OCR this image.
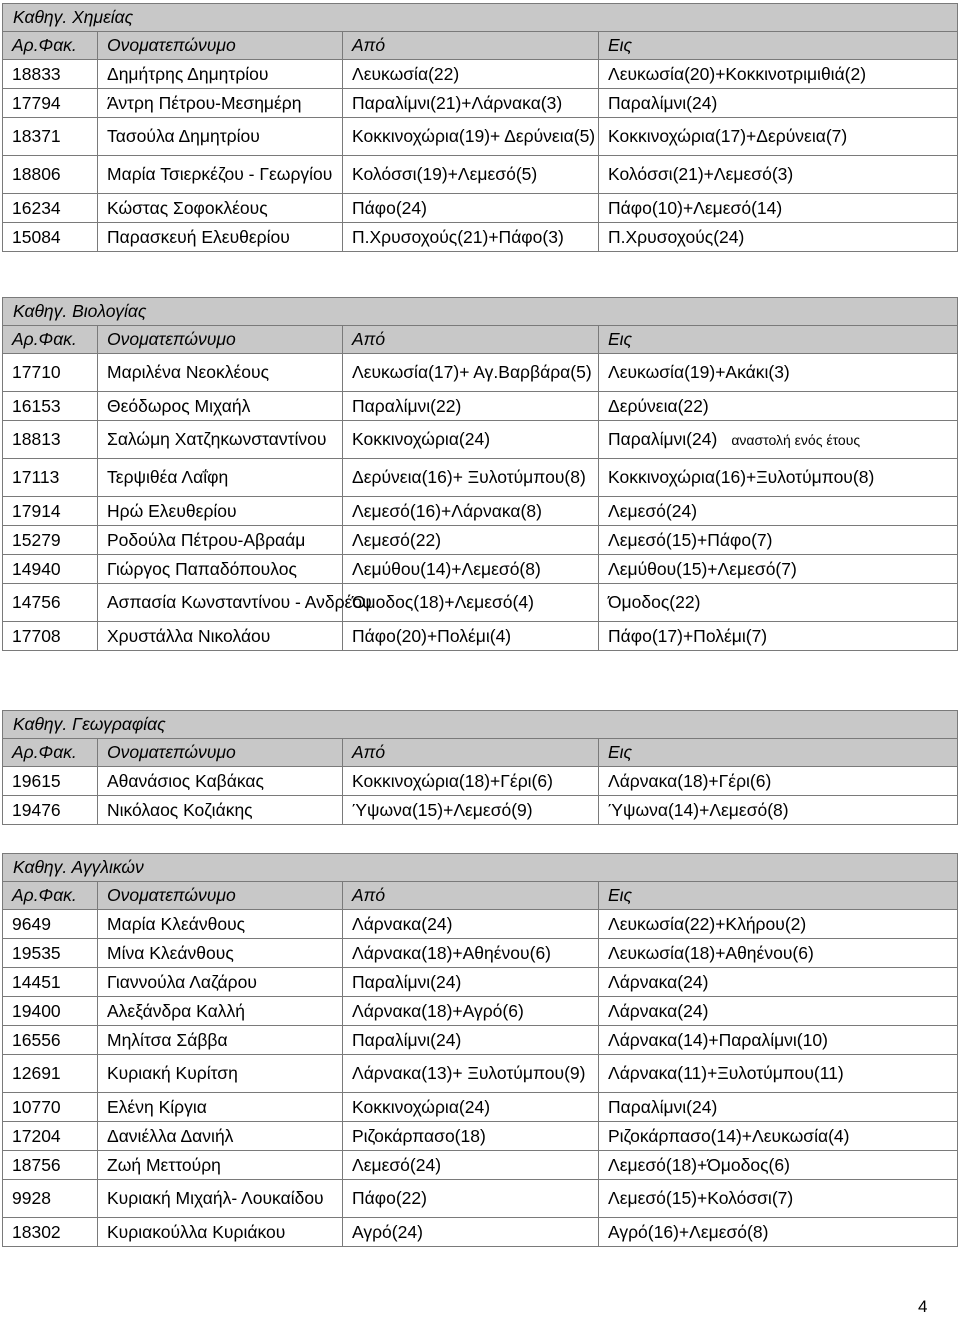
Καθηγ. Χημείας			
Αρ.Φακ.	Ονοματεπώνυμο	Από	Εις
18833	Δημήτρης Δημητρίου	Λευκωσία(22)	Λευκωσία(20)+Κοκκινοτριμιθιά(2)
17794	Άντρη Πέτρου-Μεσημέρη	Παραλίμνι(21)+Λάρνακα(3)	Παραλίμνι(24)
18371	Τασούλα Δημητρίου	Κοκκινοχώρια(19)+ Δερύνεια(5)	Κοκκινοχώρια(17)+Δερύνεια(7)
18806	Μαρία Τσιερκέζου - Γεωργίου	Κολόσσι(19)+Λεμεσό(5)	Κολόσσι(21)+Λεμεσό(3)
16234	Κώστας Σοφοκλέους	Πάφο(24)	Πάφο(10)+Λεμεσό(14)
15084	Παρασκευή Ελευθερίου	Π.Χρυσοχούς(21)+Πάφο(3)	Π.Χρυσοχούς(24)
Καθηγ. Βιολογίας			
Αρ.Φακ.	Ονοματεπώνυμο	Από	Εις
17710	Μαριλένα Νεοκλέους	Λευκωσία(17)+ Αγ.Βαρβάρα(5)	Λευκωσία(19)+Ακάκι(3)
16153	Θεόδωρος Μιχαήλ	Παραλίμνι(22)	Δερύνεια(22)
18813	Σαλώμη Χατζηκωνσταντίνου	Κοκκινοχώρια(24)	Παραλίμνι(24) αναστολή ενός έτους
17113	Τερψιθέα Λαΐφη	Δερύνεια(16)+ Ξυλοτύμπου(8)	Κοκκινοχώρια(16)+Ξυλοτύμπου(8)
17914	Ηρώ Ελευθερίου	Λεμεσό(16)+Λάρνακα(8)	Λεμεσό(24)
15279	Ροδούλα Πέτρου-Αβραάμ	Λεμεσό(22)	Λεμεσό(15)+Πάφο(7)
14940	Γιώργος Παπαδόπουλος	Λεμύθου(14)+Λεμεσό(8)	Λεμύθου(15)+Λεμεσό(7)
14756	Ασπασία Κωνσταντίνου - Ανδρέου	Όμοδος(18)+Λεμεσό(4)	Όμοδος(22)
17708	Χρυστάλλα Νικολάου	Πάφο(20)+Πολέμι(4)	Πάφο(17)+Πολέμι(7)
Καθηγ. Γεωγραφίας			
Αρ.Φακ.	Ονοματεπώνυμο	Από	Εις
19615	Αθανάσιος Καβάκας	Κοκκινοχώρια(18)+Γέρι(6)	Λάρνακα(18)+Γέρι(6)
19476	Νικόλαος Κοζιάκης	Ύψωνα(15)+Λεμεσό(9)	Ύψωνα(14)+Λεμεσό(8)
Καθηγ. Αγγλικών			
Αρ.Φακ.	Ονοματεπώνυμο	Από	Εις
9649	Μαρία Κλεάνθους	Λάρνακα(24)	Λευκωσία(22)+Κλήρου(2)
19535	Μίνα Κλεάνθους	Λάρνακα(18)+Αθηένου(6)	Λευκωσία(18)+Αθηένου(6)
14451	Γιαννούλα Λαζάρου	Παραλίμνι(24)	Λάρνακα(24)
19400	Αλεξάνδρα Καλλή	Λάρνακα(18)+Αγρό(6)	Λάρνακα(24)
16556	Μηλίτσα Σάββα	Παραλίμνι(24)	Λάρνακα(14)+Παραλίμνι(10)
12691	Κυριακή Κυρίτση	Λάρνακα(13)+ Ξυλοτύμπου(9)	Λάρνακα(11)+Ξυλοτύμπου(11)
10770	Ελένη Κίργια	Κοκκινοχώρια(24)	Παραλίμνι(24)
17204	Δανιέλλα Δανιήλ	Ριζοκάρπασο(18)	Ριζοκάρπασο(14)+Λευκωσία(4)
18756	Ζωή Μεττούρη	Λεμεσό(24)	Λεμεσό(18)+Όμοδος(6)
9928	Κυριακή Μιχαήλ- Λουκαίδου	Πάφο(22)	Λεμεσό(15)+Κολόσσι(7)
18302	Κυριακούλλα Κυριάκου	Αγρό(24)	Αγρό(16)+Λεμεσό(8)
4
